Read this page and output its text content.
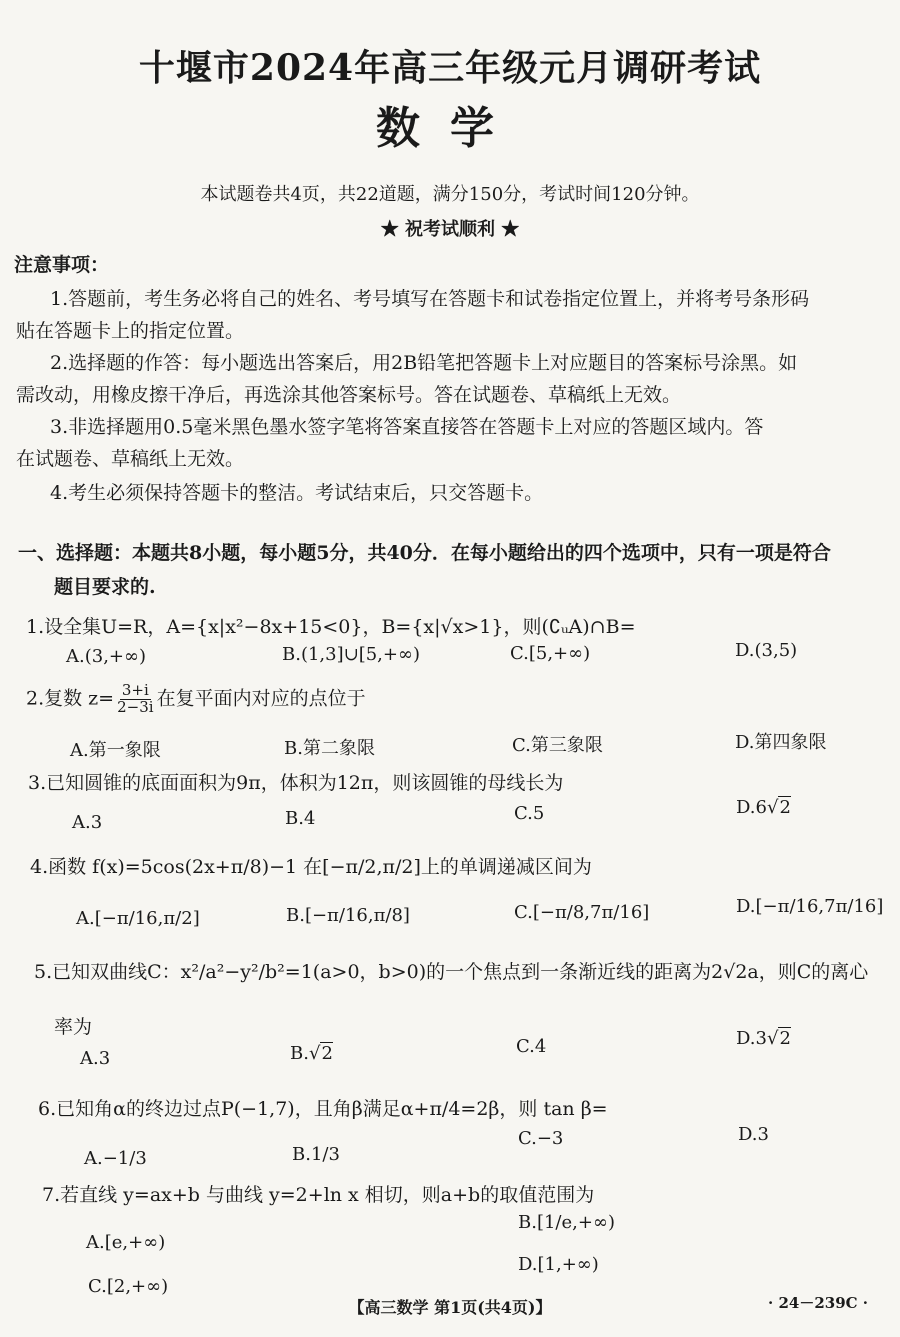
十堰市2024年高三年级元月调研考试
数学
本试题卷共4页，共22道题，满分150分，考试时间120分钟。
★ 祝考试顺利 ★
注意事项：
1.答题前，考生务必将自己的姓名、考号填写在答题卡和试卷指定位置上，并将考号条形码
贴在答题卡上的指定位置。
2.选择题的作答：每小题选出答案后，用2B铅笔把答题卡上对应题目的答案标号涂黑。如
需改动，用橡皮擦干净后，再选涂其他答案标号。答在试题卷、草稿纸上无效。
3.非选择题用0.5毫米黑色墨水签字笔将答案直接答在答题卡上对应的答题区域内。答
在试题卷、草稿纸上无效。
4.考生必须保持答题卡的整洁。考试结束后，只交答题卡。
一、选择题：本题共8小题，每小题5分，共40分．在每小题给出的四个选项中，只有一项是符合
题目要求的.
1.设全集U=R，A={x|x²−8x+15<0}，B={x|√x>1}，则(∁ᵤA)∩B=
A.(3,+∞)	B.(1,3]∪[5,+∞)	C.[5,+∞)	D.(3,5)
2.复数 $z= \frac{3+i}{2-3i}$ 在复平面内对应的点位于
A.第一象限	B.第二象限	C.第三象限	D.第四象限
3.已知圆锥的底面面积为9π，体积为12π，则该圆锥的母线长为
A.3	B.4	C.5	D.6√2
4.函数 f(x)=5cos(2x+π/8)−1 在[−π/2,π/2]上的单调递减区间为
A.[−π/16,π/2]	B.[−π/16,π/8]	C.[−π/8,7π/16]	D.[−π/16,7π/16]
5.已知双曲线C：x²/a²−y²/b²=1(a>0，b>0)的一个焦点到一条渐近线的距离为2√2a，则C的离心
率为
A.3	B.√2	C.4	D.3√2
6.已知角α的终边过点P(−1,7)，且角β满足α+π/4=2β，则 tan β=
A.−1/3	B.1/3
C.−3	D.3
7.若直线 y=ax+b 与曲线 y=2+ln x 相切，则a+b的取值范围为
A.[e,+∞)
B.[1/e,+∞)
C.[2,+∞)
D.[1,+∞)
【高三数学 第1页(共4页)】	· 24－239C ·
